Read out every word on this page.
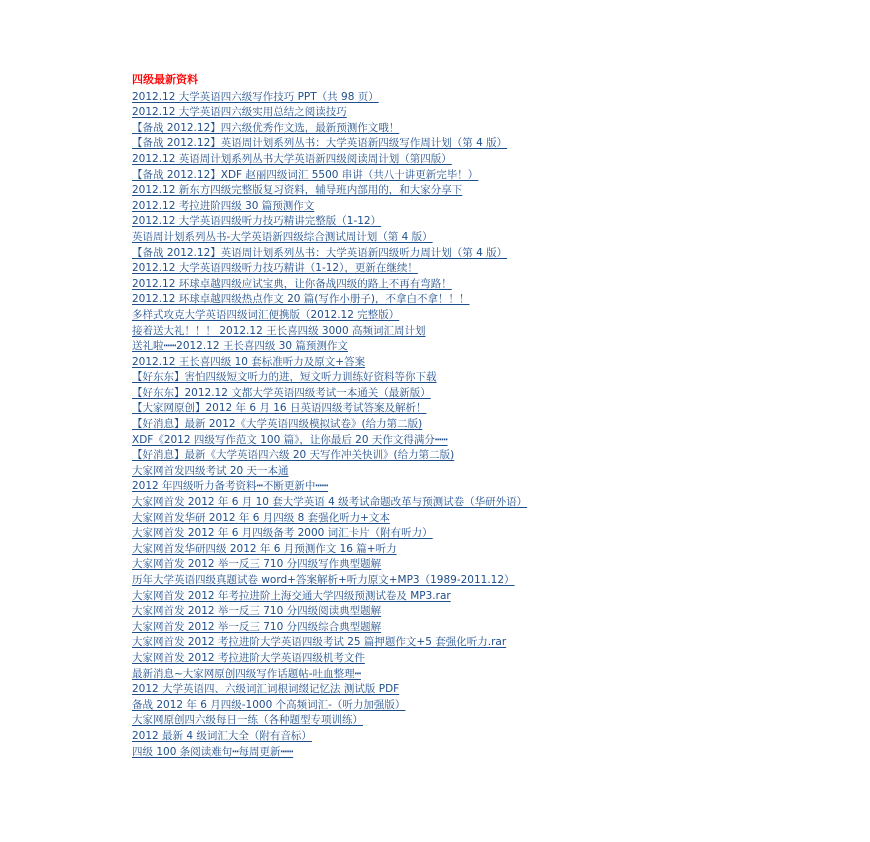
四级最新资料
2012.12 大学英语四六级写作技巧 PPT（共 98 页）
2012.12 大学英语四六级实用总结之阅读技巧
【备战 2012.12】四六级优秀作文选，最新预测作文哦！
【备战 2012.12】英语周计划系列丛书：大学英语新四级写作周计划（第 4 版）
2012.12 英语周计划系列丛书大学英语新四级阅读周计划（第四版）
【备战 2012.12】XDF 赵丽四级词汇 5500 串讲（共八十讲更新完毕！）
2012.12 新东方四级完整版复习资料，辅导班内部用的，和大家分享下
2012.12 考拉进阶四级 30 篇预测作文
2012.12 大学英语四级听力技巧精讲完整版（1-12）
英语周计划系列丛书-大学英语新四级综合测试周计划（第 4 版）
【备战 2012.12】英语周计划系列丛书：大学英语新四级听力周计划（第 4 版）
2012.12 大学英语四级听力技巧精讲（1-12），更新在继续！
2012.12 环球卓越四级应试宝典，让你备战四级的路上不再有弯路！
2012.12 环球卓越四级热点作文 20 篇(写作小册子)，不拿白不拿！！！
多样式攻克大学英语四级词汇便携版（2012.12 完整版）
接着送大礼！！！ 2012.12 王长喜四级 3000 高频词汇周计划
送礼啦┅┅2012.12 王长喜四级 30 篇预测作文
2012.12 王长喜四级 10 套标准听力及原文+答案
【好东东】害怕四级短文听力的进，短文听力训练好资料等你下载
【好东东】2012.12 文都大学英语四级考试一本通关（最新版）
【大家网原创】2012 年 6 月 16 日英语四级考试答案及解析！
【好消息】最新 2012《大学英语四级模拟试卷》(给力第二版)
XDF《2012 四级写作范文 100 篇》，让你最后 20 天作文得满分┅┅
【好消息】最新《大学英语四六级 20 天写作冲关快训》(给力第二版)
大家网首发四级考试 20 天一本通
2012 年四级听力备考资料┅不断更新中┅┅
大家网首发 2012 年 6 月 10 套大学英语 4 级考试命题改革与预测试卷（华研外语）
大家网首发华研 2012 年 6 月四级 8 套强化听力+文本
大家网首发 2012 年 6 月四级备考 2000 词汇卡片（附有听力）
大家网首发华研四级 2012 年 6 月预测作文 16 篇+听力
大家网首发 2012 举一反三 710 分四级写作典型题解
历年大学英语四级真题试卷 word+答案解析+听力原文+MP3（1989-2011.12）
大家网首发 2012 年考拉进阶上海交通大学四级预测试卷及 MP3.rar
大家网首发 2012 举一反三 710 分四级阅读典型题解
大家网首发 2012 举一反三 710 分四级综合典型题解
大家网首发 2012 考拉进阶大学英语四级考试 25 篇押题作文+5 套强化听力.rar
大家网首发 2012 考拉进阶大学英语四级机考文件
最新消息~大家网原创四级写作话题帖-吐血整理┅
2012 大学英语四、六级词汇词根词缀记忆法 测试版 PDF
备战 2012 年 6 月四级-1000 个高频词汇-（听力加强版）
大家网原创四六级每日一练（各种题型专项训练）
2012 最新 4 级词汇大全（附有音标）
四级 100 条阅读难句┅每周更新┅┅
